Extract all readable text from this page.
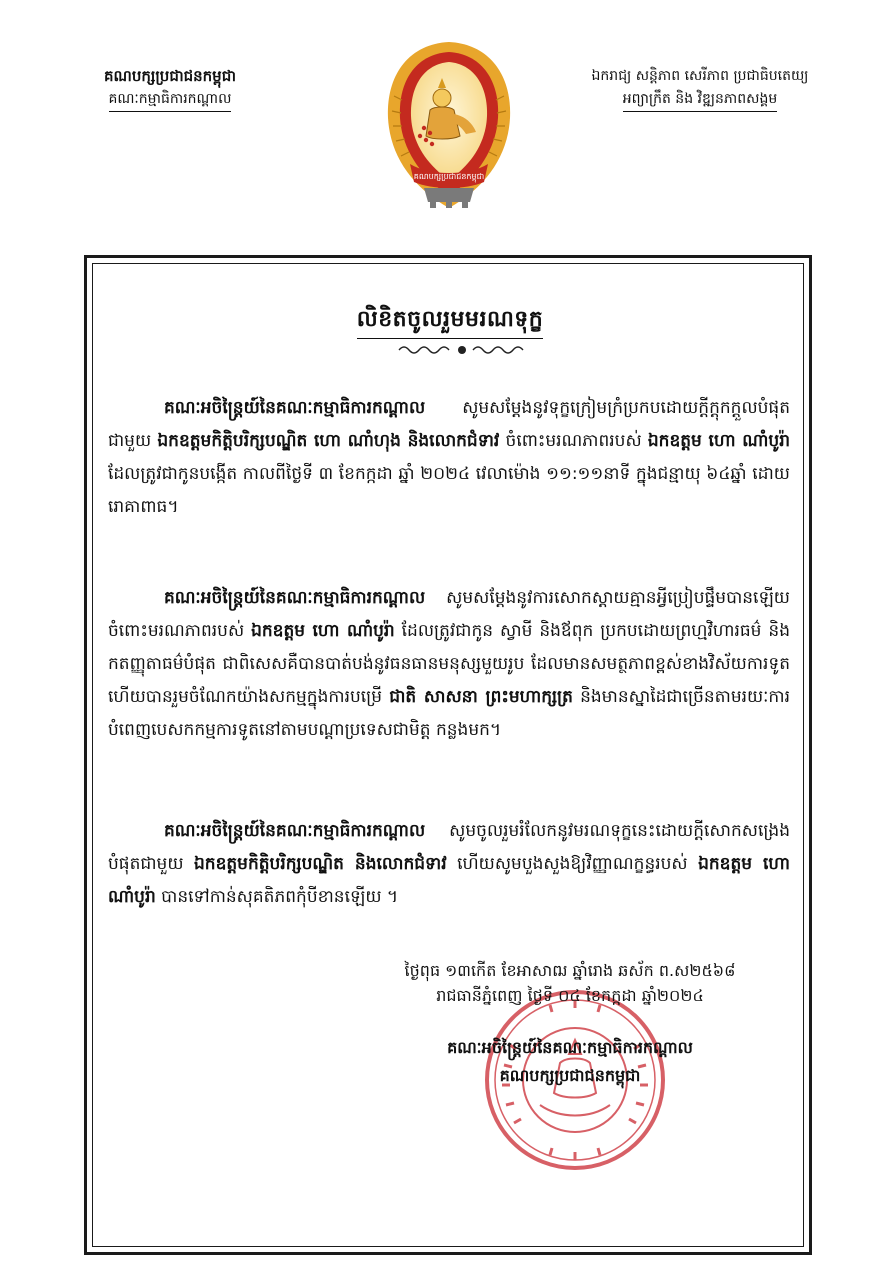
គណបក្សប្រជាជនកម្ពុជា
គណៈកម្មាធិការកណ្តាល
គណបក្សប្រជាជនកម្ពុជា
ឯករាជ្យ សន្តិភាព សេរីភាព ប្រជាធិបតេយ្យ
អព្យាក្រឹត និង វិឌ្ឍនភាពសង្គម
លិខិតចូលរួមមរណទុក្ខ
គណៈអចិន្ត្រៃយ៍នៃគណៈកម្មាធិការកណ្តាល សូមសម្តែងនូវទុក្ខក្រៀមក្រំប្រកបដោយក្តីក្តុកក្តួលបំផុតជាមួយ ឯកឧត្តមកិត្តិបរិក្សបណ្ឌិត ហោ ណាំហុង និងលោកជំទាវ ចំពោះមរណភាពរបស់ ឯកឧត្តម ហោ ណាំបូរ៉ា ដែលត្រូវជាកូនបង្កើត កាលពីថ្ងៃទី ៣ ខែកក្កដា ឆ្នាំ ២០២៤ វេលាម៉ោង ១១:១១នាទី ក្នុងជន្មាយុ ៦៤ឆ្នាំ ដោយរោគាពាធ។
គណៈអចិន្ត្រៃយ៍នៃគណៈកម្មាធិការកណ្តាល សូមសម្តែងនូវការសោកស្តាយគ្មានអ្វីប្រៀបផ្ទឹមបានឡើយ ចំពោះមរណភាពរបស់ ឯកឧត្តម ហោ ណាំបូរ៉ា ដែលត្រូវជាកូន ស្វាមី និងឪពុក ប្រកបដោយព្រហ្មវិហារធម៌ និងកតញ្ញុតាធម៌បំផុត ជាពិសេសគឺបានបាត់បង់នូវធនធានមនុស្សមួយរូប ដែលមានសមត្ថភាពខ្ពស់ខាងវិស័យការទូត ហើយបានរួមចំណែកយ៉ាងសកម្មក្នុងការបម្រើ ជាតិ សាសនា ព្រះមហាក្សត្រ និងមានស្នាដៃជាច្រើនតាមរយៈការបំពេញបេសកកម្មការទូតនៅតាមបណ្តាប្រទេសជាមិត្ត កន្លងមក។
គណៈអចិន្ត្រៃយ៍នៃគណៈកម្មាធិការកណ្តាល សូមចូលរួមរំលែកនូវមរណទុក្ខនេះដោយក្តីសោកសង្រេងបំផុតជាមួយ ឯកឧត្តមកិត្តិបរិក្សបណ្ឌិត និងលោកជំទាវ ហើយសូមបួងសួងឱ្យវិញ្ញាណក្ខន្ធរបស់ ឯកឧត្តម ហោ ណាំបូរ៉ា បានទៅកាន់សុគតិភពកុំបីខានឡើយ ។
ថ្ងៃពុធ ១៣កើត ខែអាសាឍ ឆ្នាំរោង ឆស័ក ព.ស២៥៦៨
រាជធានីភ្នំពេញ ថ្ងៃទី ០៤ ខែកក្កដា ឆ្នាំ២០២៤
គណៈអចិន្ត្រៃយ៍នៃគណៈកម្មាធិការកណ្តាល
គណបក្សប្រជាជនកម្ពុជា
